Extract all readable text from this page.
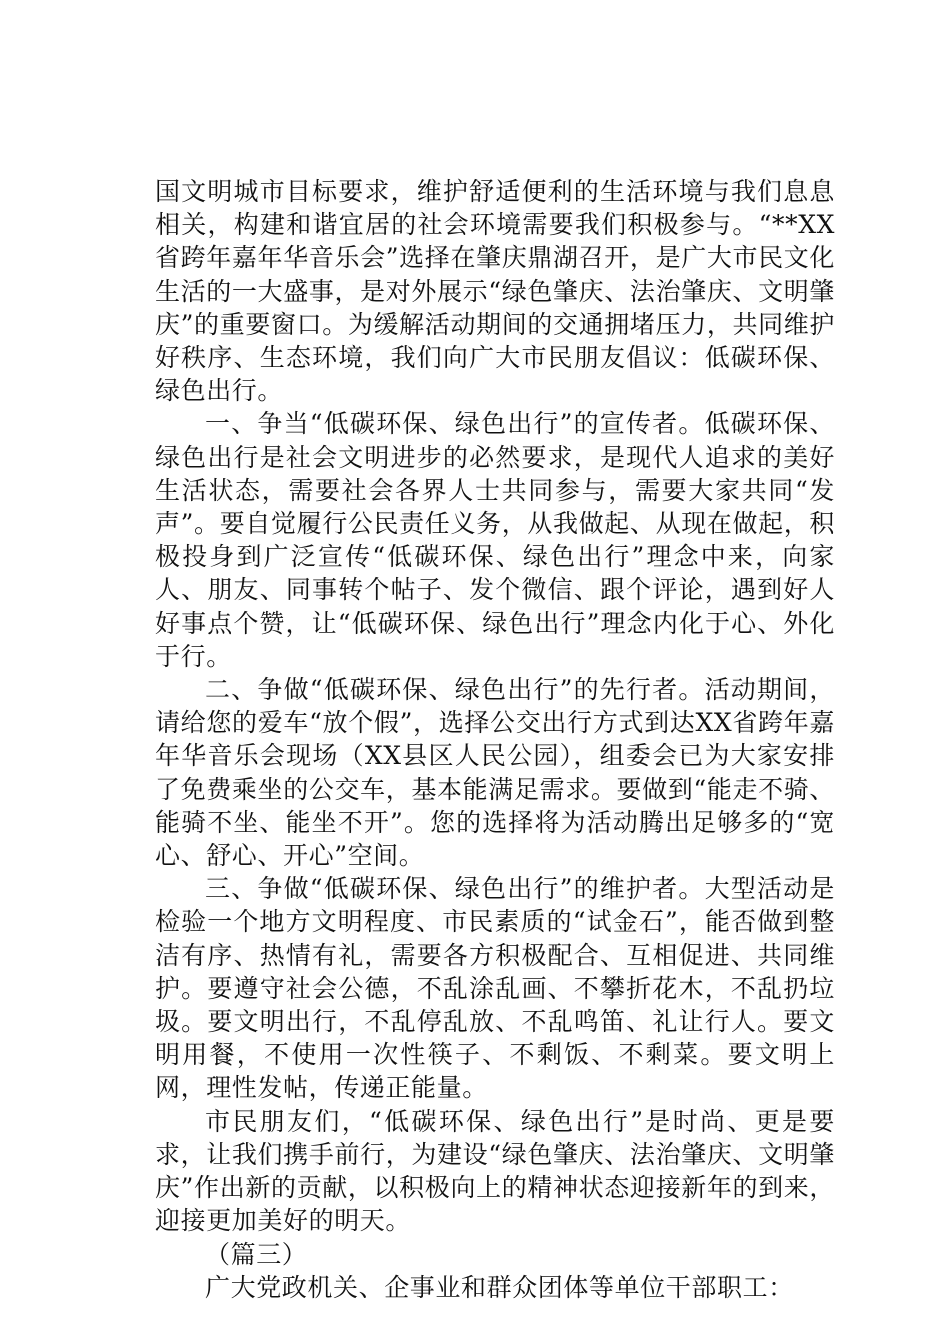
国文明城市目标要求，维护舒适便利的生活环境与我们息息相关，构建和谐宜居的社会环境需要我们积极参与。“**XX省跨年嘉年华音乐会”选择在肇庆鼎湖召开，是广大市民文化生活的一大盛事，是对外展示“绿色肇庆、法治肇庆、文明肇庆”的重要窗口。为缓解活动期间的交通拥堵压力，共同维护好秩序、生态环境，我们向广大市民朋友倡议：低碳环保、绿色出行。

一、争当“低碳环保、绿色出行”的宣传者。低碳环保、绿色出行是社会文明进步的必然要求，是现代人追求的美好生活状态，需要社会各界人士共同参与，需要大家共同“发声”。要自觉履行公民责任义务，从我做起、从现在做起，积极投身到广泛宣传“低碳环保、绿色出行”理念中来，向家人、朋友、同事转个帖子、发个微信、跟个评论，遇到好人好事点个赞，让“低碳环保、绿色出行”理念内化于心、外化于行。

二、争做“低碳环保、绿色出行”的先行者。活动期间，请给您的爱车“放个假”，选择公交出行方式到达XX省跨年嘉年华音乐会现场（XX县区人民公园），组委会已为大家安排了免费乘坐的公交车，基本能满足需求。要做到“能走不骑、能骑不坐、能坐不开”。您的选择将为活动腾出足够多的“宽心、舒心、开心”空间。

三、争做“低碳环保、绿色出行”的维护者。大型活动是检验一个地方文明程度、市民素质的“试金石”，能否做到整洁有序、热情有礼，需要各方积极配合、互相促进、共同维护。要遵守社会公德，不乱涂乱画、不攀折花木，不乱扔垃圾。要文明出行，不乱停乱放、不乱鸣笛、礼让行人。要文明用餐，不使用一次性筷子、不剩饭、不剩菜。要文明上网，理性发帖，传递正能量。

市民朋友们，“低碳环保、绿色出行”是时尚、更是要求，让我们携手前行，为建设“绿色肇庆、法治肇庆、文明肇庆”作出新的贡献，以积极向上的精神状态迎接新年的到来，迎接更加美好的明天。

（篇三）

广大党政机关、企事业和群众团体等单位干部职工：
